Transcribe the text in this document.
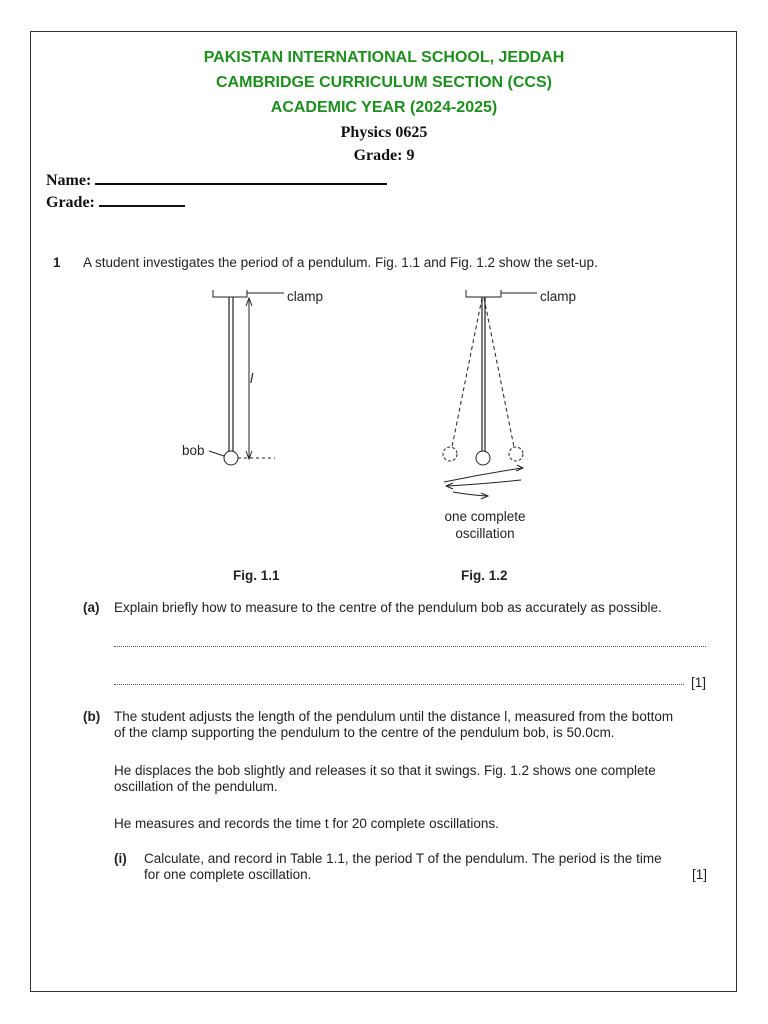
PAKISTAN INTERNATIONAL SCHOOL, JEDDAH
CAMBRIDGE CURRICULUM SECTION (CCS)
ACADEMIC YEAR (2024-2025)
Physics 0625
Grade: 9
Name:
Grade:
1 A student investigates the period of a pendulum. Fig. 1.1 and Fig. 1.2 show the set-up.
clamp
l
bob
Fig. 1.1
clamp
one complete
oscillation
Fig. 1.2
(a) Explain briefly how to measure to the centre of the pendulum bob as accurately as possible.
[1]
(b) The student adjusts the length of the pendulum until the distance l, measured from the bottom
of the clamp supporting the pendulum to the centre of the pendulum bob, is 50.0cm.
He displaces the bob slightly and releases it so that it swings. Fig. 1.2 shows one complete
oscillation of the pendulum.
He measures and records the time t for 20 complete oscillations.
(i) Calculate, and record in Table 1.1, the period T of the pendulum. The period is the time
for one complete oscillation.	[1]
